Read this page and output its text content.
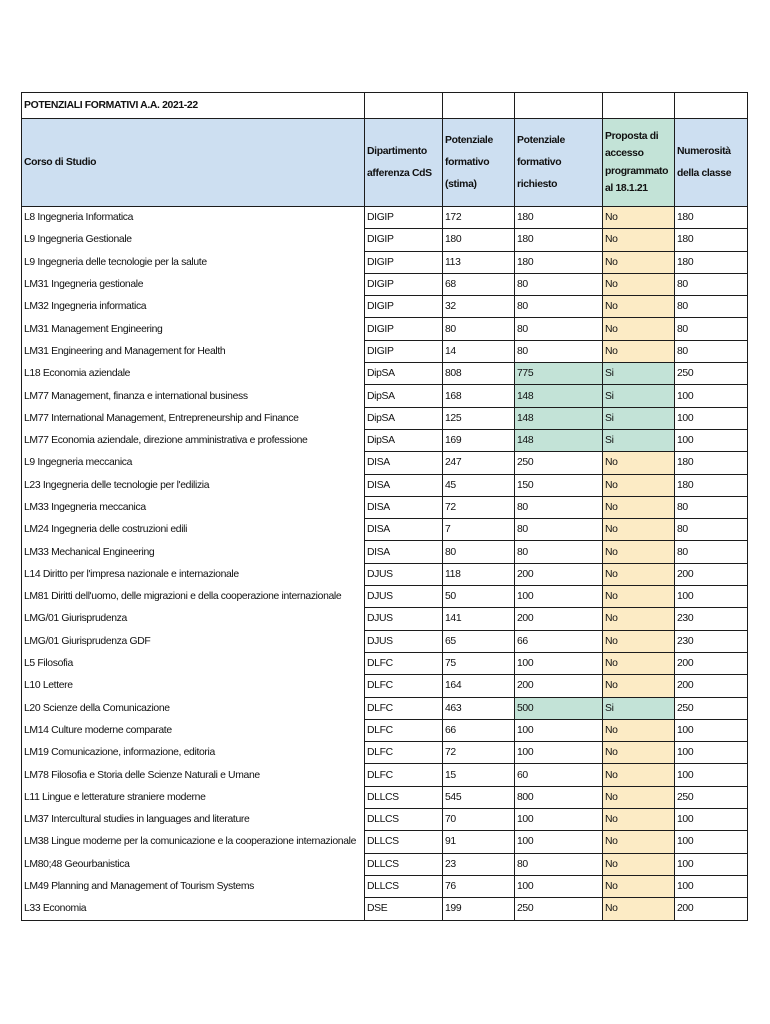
POTENZIALI FORMATIVI A.A. 2021-22					
Corso di Studio	Dipartimento afferenza CdS	Potenziale formativo (stima)	Potenziale formativo richiesto	Proposta di accesso programmato al 18.1.21	Numerosità della classe
L8 Ingegneria Informatica	DIGIP	172	180	No	180
L9 Ingegneria Gestionale	DIGIP	180	180	No	180
L9 Ingegneria delle tecnologie per la salute	DIGIP	113	180	No	180
LM31 Ingegneria gestionale	DIGIP	68	80	No	80
LM32 Ingegneria informatica	DIGIP	32	80	No	80
LM31 Management Engineering	DIGIP	80	80	No	80
LM31 Engineering and Management for Health	DIGIP	14	80	No	80
L18 Economia aziendale	DipSA	808	775	Si	250
LM77 Management, finanza e international business	DipSA	168	148	Si	100
LM77 International Management, Entrepreneurship and Finance	DipSA	125	148	Si	100
LM77 Economia aziendale, direzione amministrativa e professione	DipSA	169	148	Si	100
L9 Ingegneria meccanica	DISA	247	250	No	180
L23 Ingegneria delle tecnologie per l'edilizia	DISA	45	150	No	180
LM33 Ingegneria meccanica	DISA	72	80	No	80
LM24 Ingegneria delle costruzioni edili	DISA	7	80	No	80
LM33 Mechanical Engineering	DISA	80	80	No	80
L14 Diritto per l'impresa nazionale e internazionale	DJUS	118	200	No	200
LM81 Diritti dell'uomo, delle migrazioni e della cooperazione internazionale	DJUS	50	100	No	100
LMG/01 Giurisprudenza	DJUS	141	200	No	230
LMG/01 Giurisprudenza GDF	DJUS	65	66	No	230
L5 Filosofia	DLFC	75	100	No	200
L10 Lettere	DLFC	164	200	No	200
L20 Scienze della Comunicazione	DLFC	463	500	Si	250
LM14 Culture moderne comparate	DLFC	66	100	No	100
LM19 Comunicazione, informazione, editoria	DLFC	72	100	No	100
LM78 Filosofia e Storia delle Scienze Naturali e Umane	DLFC	15	60	No	100
L11 Lingue e letterature straniere moderne	DLLCS	545	800	No	250
LM37 Intercultural studies in languages and literature	DLLCS	70	100	No	100
LM38 Lingue moderne per la comunicazione e la cooperazione internazionale	DLLCS	91	100	No	100
LM80;48 Geourbanistica	DLLCS	23	80	No	100
LM49 Planning and Management of Tourism Systems	DLLCS	76	100	No	100
L33 Economia	DSE	199	250	No	200
